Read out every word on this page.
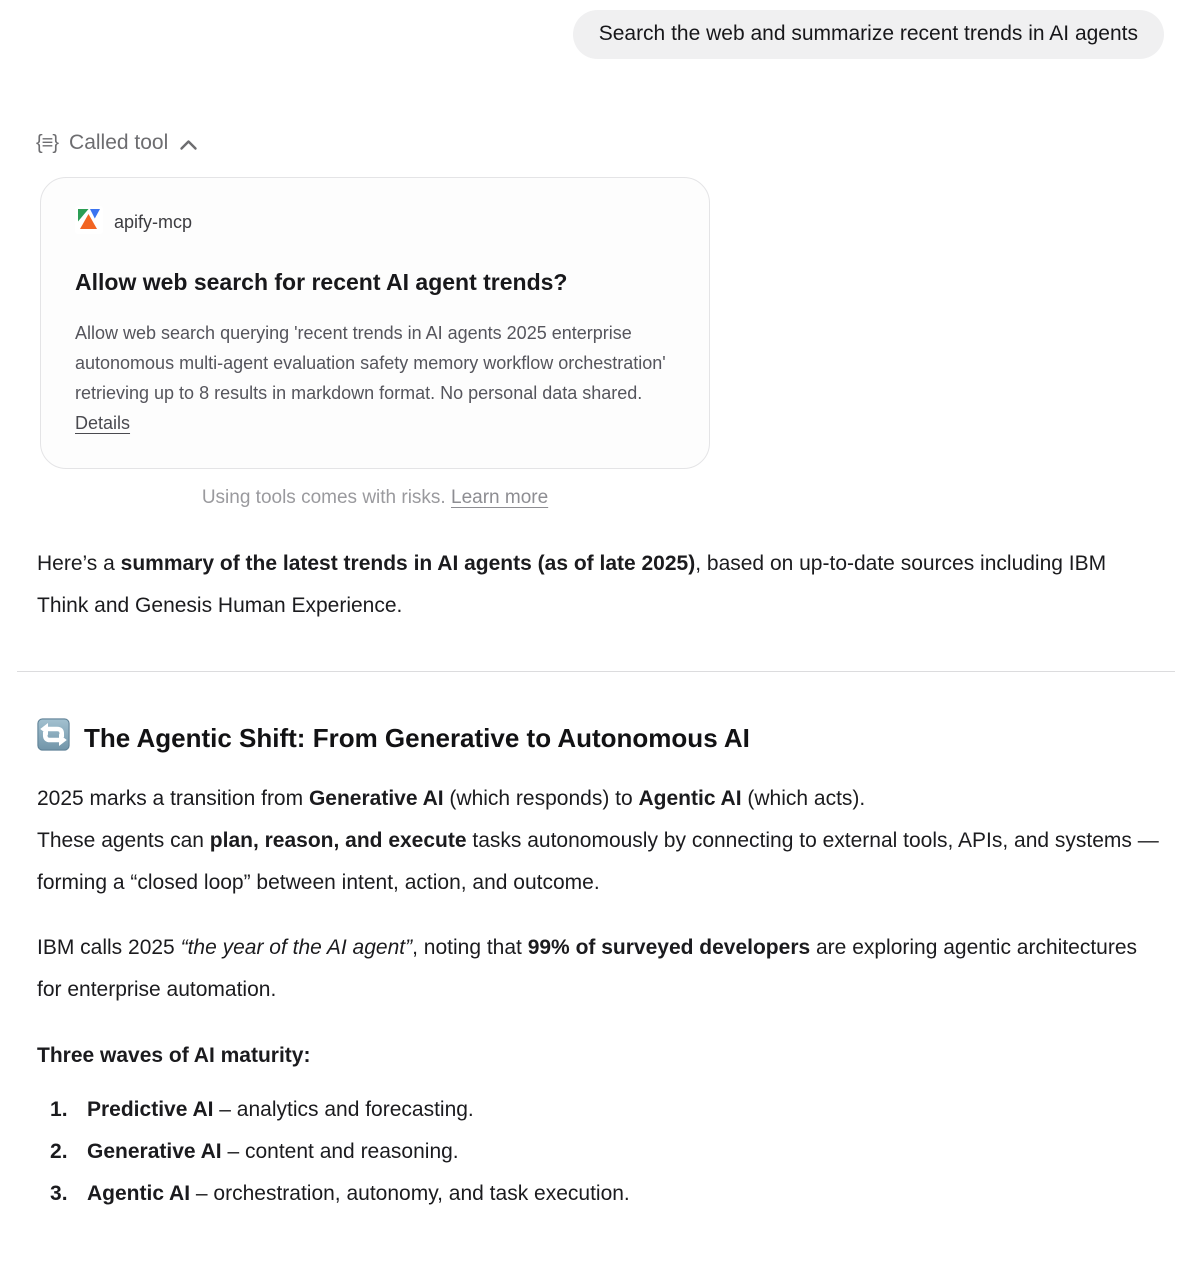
Search the web and summarize recent trends in AI agents
{≡} Called tool
apify-mcp
Allow web search for recent AI agent trends?
Allow web search querying 'recent trends in AI agents 2025 enterprise autonomous multi-agent evaluation safety memory workflow orchestration' retrieving up to 8 results in markdown format. No personal data shared. Details
Using tools comes with risks. Learn more

Here’s a summary of the latest trends in AI agents (as of late 2025), based on up-to-date sources including IBM Think and Genesis Human Experience.

The Agentic Shift: From Generative to Autonomous AI

2025 marks a transition from Generative AI (which responds) to Agentic AI (which acts).
These agents can plan, reason, and execute tasks autonomously by connecting to external tools, APIs, and systems — forming a “closed loop” between intent, action, and outcome.

IBM calls 2025 “the year of the AI agent”, noting that 99% of surveyed developers are exploring agentic architectures for enterprise automation.

Three waves of AI maturity:

Predictive AI – analytics and forecasting.
Generative AI – content and reasoning.
Agentic AI – orchestration, autonomy, and task execution.
